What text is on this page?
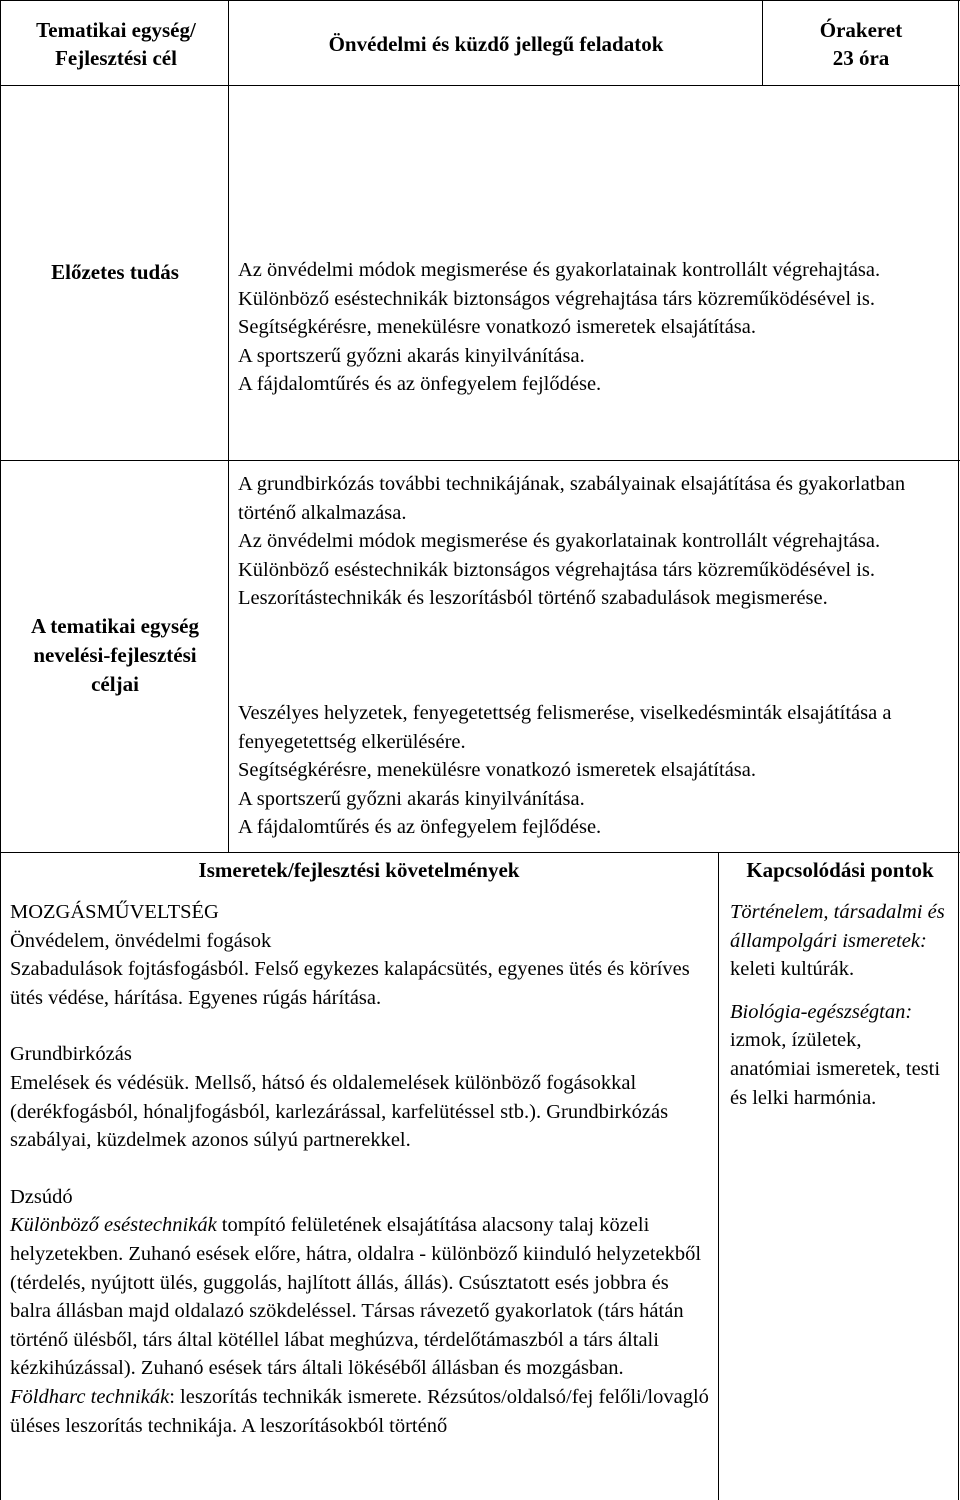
Tematikai egység/ Fejlesztési cél
Önvédelmi és küzdő jellegű feladatok
Órakeret
23 óra
Előzetes tudás	Az önvédelmi módok megismerése és gyakorlatainak kontrollált végrehajtása.

Különböző eséstechnikák biztonságos végrehajtása társ közreműködésével is.

Segítségkérésre, menekülésre vonatkozó ismeretek elsajátítása.

A sportszerű győzni akarás kinyilvánítása.

A fájdalomtűrés és az önfegyelem fejlődése.

A tematikai egység nevelési-fejlesztési céljai

A grundbirkózás további technikájának, szabályainak elsajátítása és gyakorlatban történő alkalmazása.

Az önvédelmi módok megismerése és gyakorlatainak kontrollált végrehajtása.

Különböző eséstechnikák biztonságos végrehajtása társ közreműködésével is.

Leszorítástechnikák és leszorításból történő szabadulások megismerése.

Veszélyes helyzetek, fenyegetettség felismerése, viselkedésminták elsajátítása a fenyegetettség elkerülésére.

Segítségkérésre, menekülésre vonatkozó ismeretek elsajátítása.

A sportszerű győzni akarás kinyilvánítása.

A fájdalomtűrés és az önfegyelem fejlődése.

Ismeretek/fejlesztési követelmények	Kapcsolódási pontok

MOZGÁSMŰVELTSÉG

Önvédelem, önvédelmi fogások

Szabadulások fojtásfogásból. Felső egykezes kalapácsütés, egyenes ütés és köríves ütés védése, hárítása. Egyenes rúgás hárítása.

Grundbirkózás

Emelések és védésük. Mellső, hátsó és oldalemelések különböző fogásokkal (derékfogásból, hónaljfogásból, karlezárással, karfelütéssel stb.). Grundbirkózás szabályai, küzdelmek azonos súlyú partnerekkel.

Dzsúdó

Különböző eséstechnikák tompító felületének elsajátítása alacsony talaj közeli helyzetekben. Zuhanó esések előre, hátra, oldalra - különböző kiinduló helyzetekből (térdelés, nyújtott ülés, guggolás, hajlított állás, állás). Csúsztatott esés jobbra és balra állásban majd oldalazó szökdeléssel. Társas rávezető gyakorlatok (társ hátán történő ülésből, társ által kötéllel lábat meghúzva, térdelőtámaszból a társ általi kézkihúzással). Zuhanó esések társ általi lökéséből állásban és mozgásban.

Földharc technikák: leszorítás technikák ismerete. Rézsútos/oldalsó/fej felőli/lovagló üléses leszorítás technikája. A leszorításokból történő

Történelem, társadalmi és állampolgári ismeretek: keleti kultúrák.

Biológia-egészségtan: izmok, ízületek, anatómiai ismeretek, testi és lelki harmónia.
